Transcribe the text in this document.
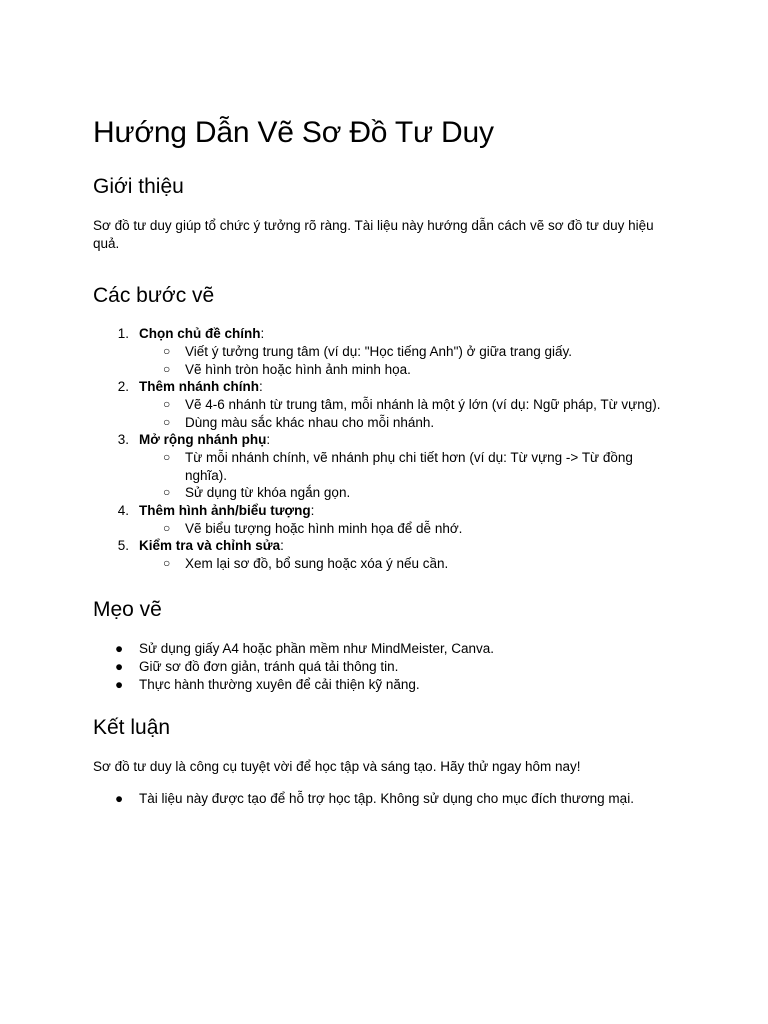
Hướng Dẫn Vẽ Sơ Đồ Tư Duy
Giới thiệu

Sơ đồ tư duy giúp tổ chức ý tưởng rõ ràng. Tài liệu này hướng dẫn cách vẽ sơ đồ tư duy hiệu quả.

Các bước vẽ
1. Chọn chủ đề chính:
○ Viết ý tưởng trung tâm (ví dụ: "Học tiếng Anh") ở giữa trang giấy.
○ Vẽ hình tròn hoặc hình ảnh minh họa.
2. Thêm nhánh chính:
○ Vẽ 4-6 nhánh từ trung tâm, mỗi nhánh là một ý lớn (ví dụ: Ngữ pháp, Từ vựng).
○ Dùng màu sắc khác nhau cho mỗi nhánh.
3. Mở rộng nhánh phụ:
○ Từ mỗi nhánh chính, vẽ nhánh phụ chi tiết hơn (ví dụ: Từ vựng -> Từ đồng nghĩa).
○ Sử dụng từ khóa ngắn gọn.
4. Thêm hình ảnh/biểu tượng:
○ Vẽ biểu tượng hoặc hình minh họa để dễ nhớ.
5. Kiểm tra và chỉnh sửa:
○ Xem lại sơ đồ, bổ sung hoặc xóa ý nếu cần.
Mẹo vẽ
● Sử dụng giấy A4 hoặc phần mềm như MindMeister, Canva.
● Giữ sơ đồ đơn giản, tránh quá tải thông tin.
● Thực hành thường xuyên để cải thiện kỹ năng.
Kết luận

Sơ đồ tư duy là công cụ tuyệt vời để học tập và sáng tạo. Hãy thử ngay hôm nay!

● Tài liệu này được tạo để hỗ trợ học tập. Không sử dụng cho mục đích thương mại.
